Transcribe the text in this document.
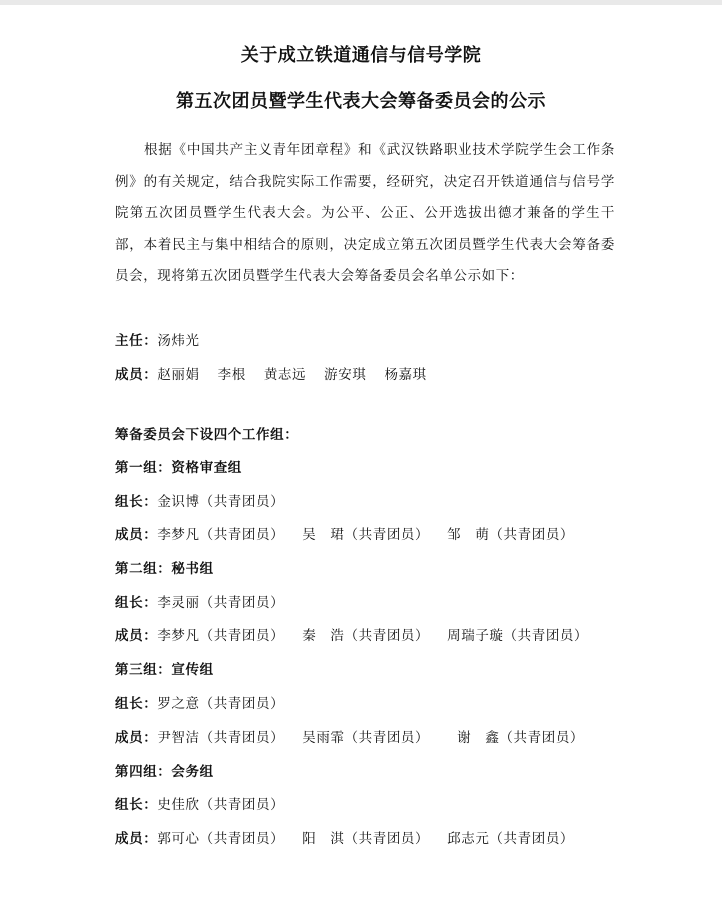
关于成立铁道通信与信号学院
第五次团员暨学生代表大会筹备委员会的公示
根据《中国共产主义青年团章程》和《武汉铁路职业技术学院学生会工作条例》的有关规定，结合我院实际工作需要，经研究，决定召开铁道通信与信号学院第五次团员暨学生代表大会。为公平、公正、公开选拔出德才兼备的学生干部，本着民主与集中相结合的原则，决定成立第五次团员暨学生代表大会筹备委员会，现将第五次团员暨学生代表大会筹备委员会名单公示如下：
主任：汤炜光
成员：赵丽娟 李根 黄志远 游安琪 杨嘉琪
筹备委员会下设四个工作组：
第一组：资格审查组
组长：金识博（共青团员）
成员：李梦凡（共青团员） 吴　珺（共青团员） 邹　萌（共青团员）
第二组：秘书组
组长：李灵丽（共青团员）
成员：李梦凡（共青团员） 秦　浩（共青团员） 周瑞子璇（共青团员）
第三组：宣传组
组长：罗之意（共青团员）
成员：尹智洁（共青团员） 吴雨霏（共青团员） 谢　鑫（共青团员）
第四组：会务组
组长：史佳欣（共青团员）
成员：郭可心（共青团员） 阳　淇（共青团员） 邱志元（共青团员）
